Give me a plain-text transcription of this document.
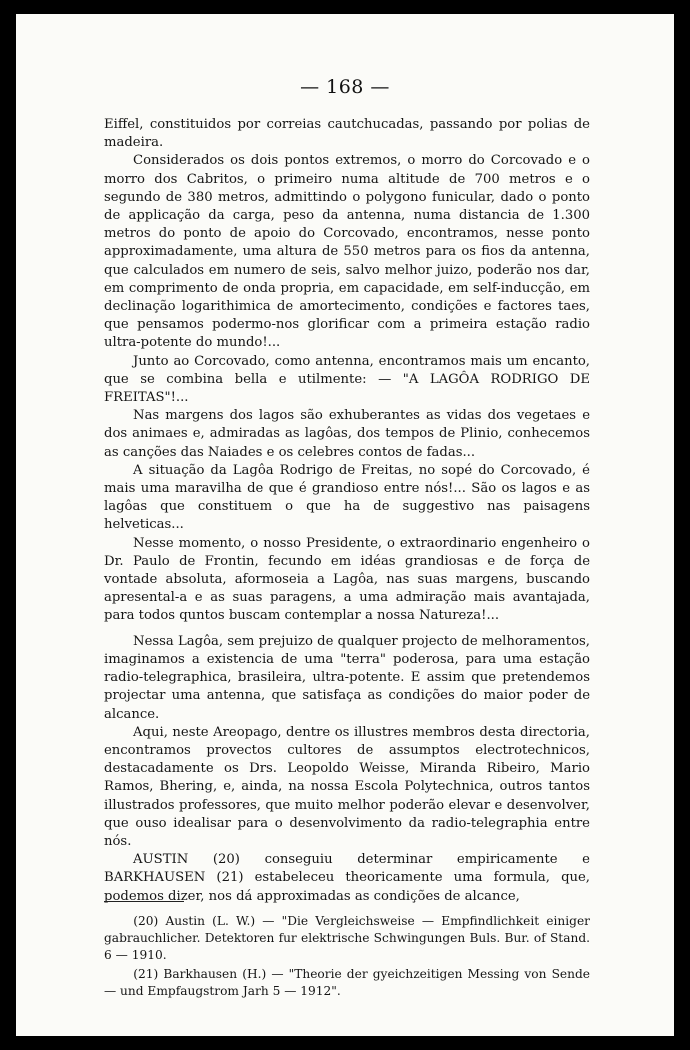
— 168 —

Eiffel, constituidos por correias cautchucadas, passando por polias de madeira.

Considerados os dois pontos extremos, o morro do Corcovado e o morro dos Cabritos, o primeiro numa altitude de 700 metros e o segundo de 380 metros, admittindo o polygono funicular, dado o ponto de applicação da carga, peso da antenna, numa distancia de 1.300 metros do ponto de apoio do Corcovado, encontramos, nesse ponto approximadamente, uma altura de 550 metros para os fios da antenna, que calculados em numero de seis, salvo melhor juizo, poderão nos dar, em comprimento de onda propria, em capacidade, em self-inducção, em declinação logarithimica de amortecimento, condições e factores taes, que pensamos podermo-nos glorificar com a primeira estação radio ultra-potente do mundo!...

Junto ao Corcovado, como antenna, encontramos mais um encanto, que se combina bella e utilmente: — "A LAGÔA RODRIGO DE FREITAS"!...

Nas margens dos lagos são exhuberantes as vidas dos vegetaes e dos animaes e, admiradas as lagôas, dos tempos de Plinio, conhecemos as canções das Naiades e os celebres contos de fadas...

A situação da Lagôa Rodrigo de Freitas, no sopé do Corcovado, é mais uma maravilha de que é grandioso entre nós!... São os lagos e as lagôas que constituem o que ha de suggestivo nas paisagens helveticas...

Nesse momento, o nosso Presidente, o extraordinario engenheiro o Dr. Paulo de Frontin, fecundo em idéas grandiosas e de força de vontade absoluta, aformoseia a Lagôa, nas suas margens, buscando apresental-a e as suas paragens, a uma admiração mais avantajada, para todos quntos buscam contemplar a nossa Natureza!...

Nessa Lagôa, sem prejuizo de qualquer projecto de melhoramentos, imaginamos a existencia de uma "terra" poderosa, para uma estação radio-telegraphica, brasileira, ultra-potente. E assim que pretendemos projectar uma antenna, que satisfaça as condições do maior poder de alcance.

Aqui, neste Areopago, dentre os illustres membros desta directoria, encontramos provectos cultores de assumptos electrotechnicos, destacadamente os Drs. Leopoldo Weisse, Miranda Ribeiro, Mario Ramos, Bhering, e, ainda, na nossa Escola Polytechnica, outros tantos illustrados professores, que muito melhor poderão elevar e desenvolver, que ouso idealisar para o desenvolvimento da radio-telegraphia entre nós.

AUSTIN (20) conseguiu determinar empiricamente e BARKHAUSEN (21) estabeleceu theoricamente uma formula, que, podemos dizer, nos dá approximadas as condições de alcance,

(20) Austin (L. W.) — "Die Vergleichsweise — Empfindlichkeit einiger gabrauchlicher. Detektoren fur elektrische Schwingungen Buls. Bur. of Stand. 6 — 1910.

(21) Barkhausen (H.) — "Theorie der gyeichzeitigen Messing von Sende — und Empfaugstrom Jarh 5 — 1912".
